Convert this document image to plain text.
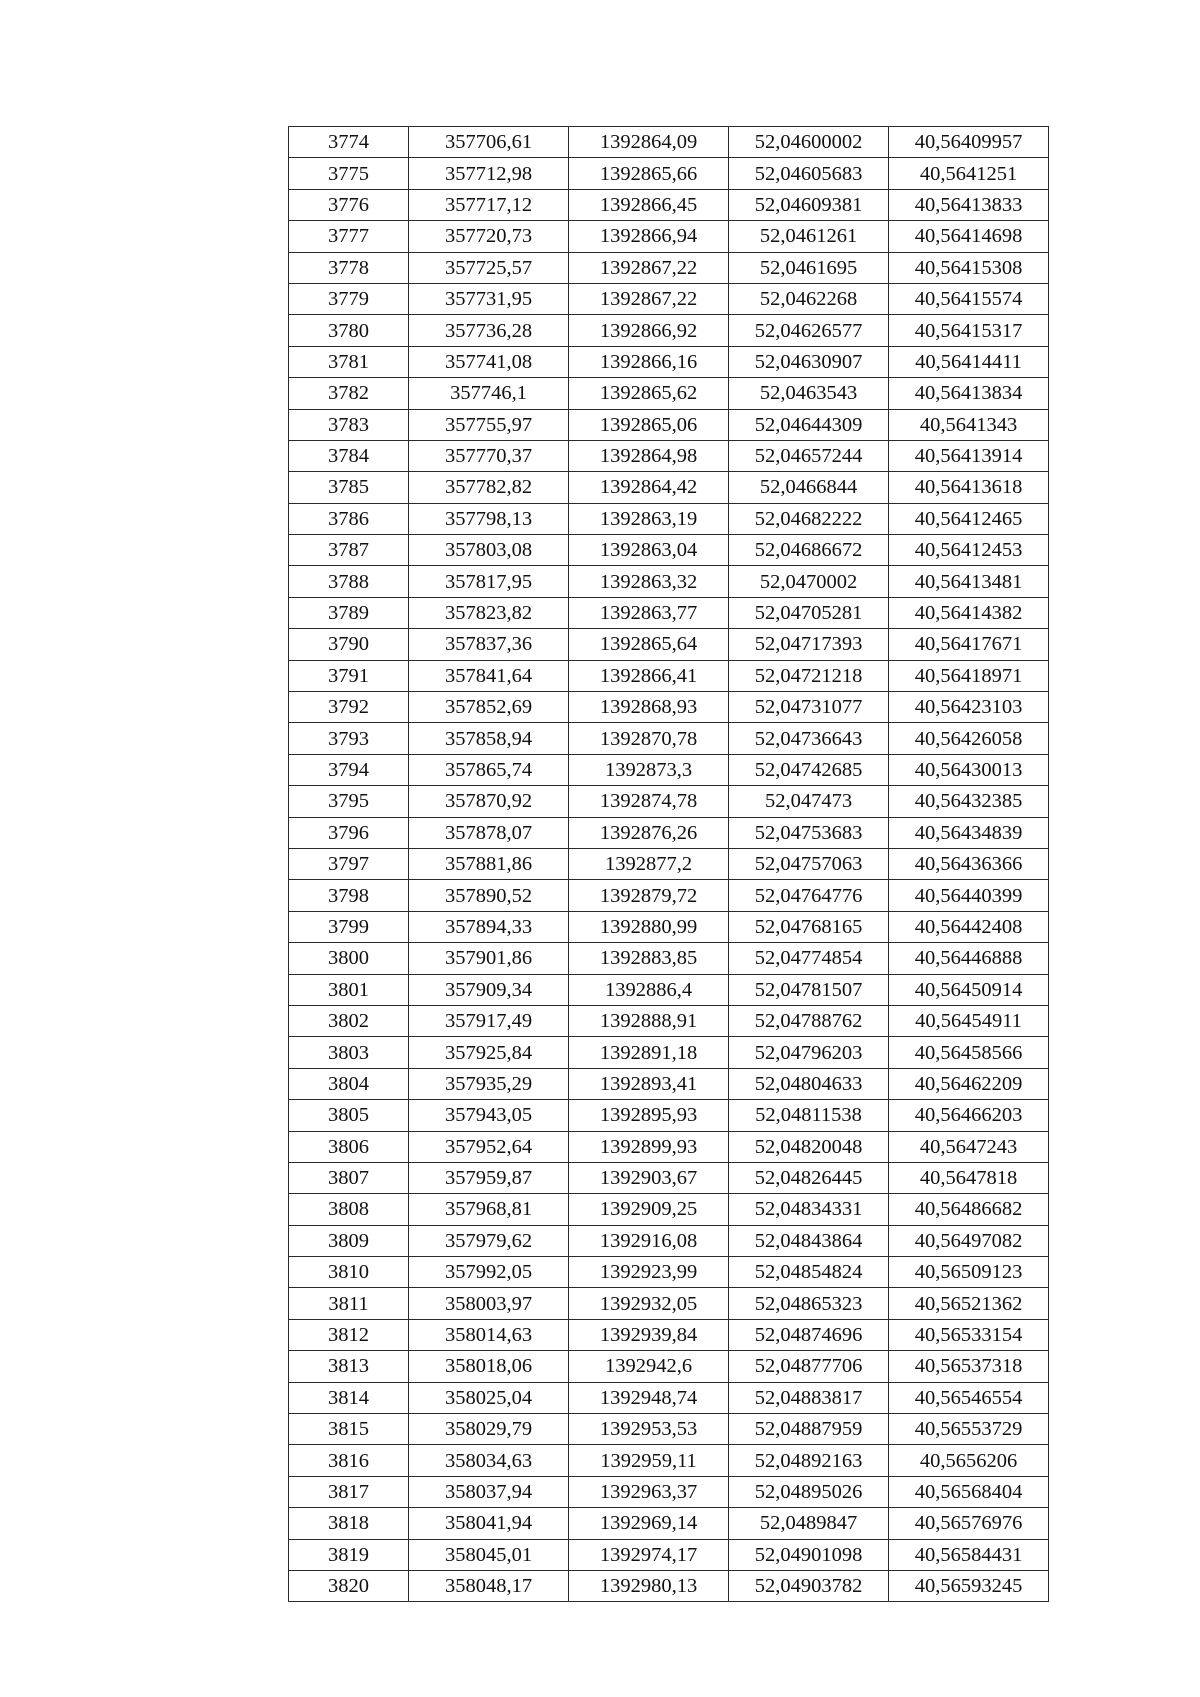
3774	357706,61	1392864,09	52,04600002	40,56409957
3775	357712,98	1392865,66	52,04605683	40,5641251
3776	357717,12	1392866,45	52,04609381	40,56413833
3777	357720,73	1392866,94	52,0461261	40,56414698
3778	357725,57	1392867,22	52,0461695	40,56415308
3779	357731,95	1392867,22	52,0462268	40,56415574
3780	357736,28	1392866,92	52,04626577	40,56415317
3781	357741,08	1392866,16	52,04630907	40,56414411
3782	357746,1	1392865,62	52,0463543	40,56413834
3783	357755,97	1392865,06	52,04644309	40,5641343
3784	357770,37	1392864,98	52,04657244	40,56413914
3785	357782,82	1392864,42	52,0466844	40,56413618
3786	357798,13	1392863,19	52,04682222	40,56412465
3787	357803,08	1392863,04	52,04686672	40,56412453
3788	357817,95	1392863,32	52,0470002	40,56413481
3789	357823,82	1392863,77	52,04705281	40,56414382
3790	357837,36	1392865,64	52,04717393	40,56417671
3791	357841,64	1392866,41	52,04721218	40,56418971
3792	357852,69	1392868,93	52,04731077	40,56423103
3793	357858,94	1392870,78	52,04736643	40,56426058
3794	357865,74	1392873,3	52,04742685	40,56430013
3795	357870,92	1392874,78	52,047473	40,56432385
3796	357878,07	1392876,26	52,04753683	40,56434839
3797	357881,86	1392877,2	52,04757063	40,56436366
3798	357890,52	1392879,72	52,04764776	40,56440399
3799	357894,33	1392880,99	52,04768165	40,56442408
3800	357901,86	1392883,85	52,04774854	40,56446888
3801	357909,34	1392886,4	52,04781507	40,56450914
3802	357917,49	1392888,91	52,04788762	40,56454911
3803	357925,84	1392891,18	52,04796203	40,56458566
3804	357935,29	1392893,41	52,04804633	40,56462209
3805	357943,05	1392895,93	52,04811538	40,56466203
3806	357952,64	1392899,93	52,04820048	40,5647243
3807	357959,87	1392903,67	52,04826445	40,5647818
3808	357968,81	1392909,25	52,04834331	40,56486682
3809	357979,62	1392916,08	52,04843864	40,56497082
3810	357992,05	1392923,99	52,04854824	40,56509123
3811	358003,97	1392932,05	52,04865323	40,56521362
3812	358014,63	1392939,84	52,04874696	40,56533154
3813	358018,06	1392942,6	52,04877706	40,56537318
3814	358025,04	1392948,74	52,04883817	40,56546554
3815	358029,79	1392953,53	52,04887959	40,56553729
3816	358034,63	1392959,11	52,04892163	40,5656206
3817	358037,94	1392963,37	52,04895026	40,56568404
3818	358041,94	1392969,14	52,0489847	40,56576976
3819	358045,01	1392974,17	52,04901098	40,56584431
3820	358048,17	1392980,13	52,04903782	40,56593245
